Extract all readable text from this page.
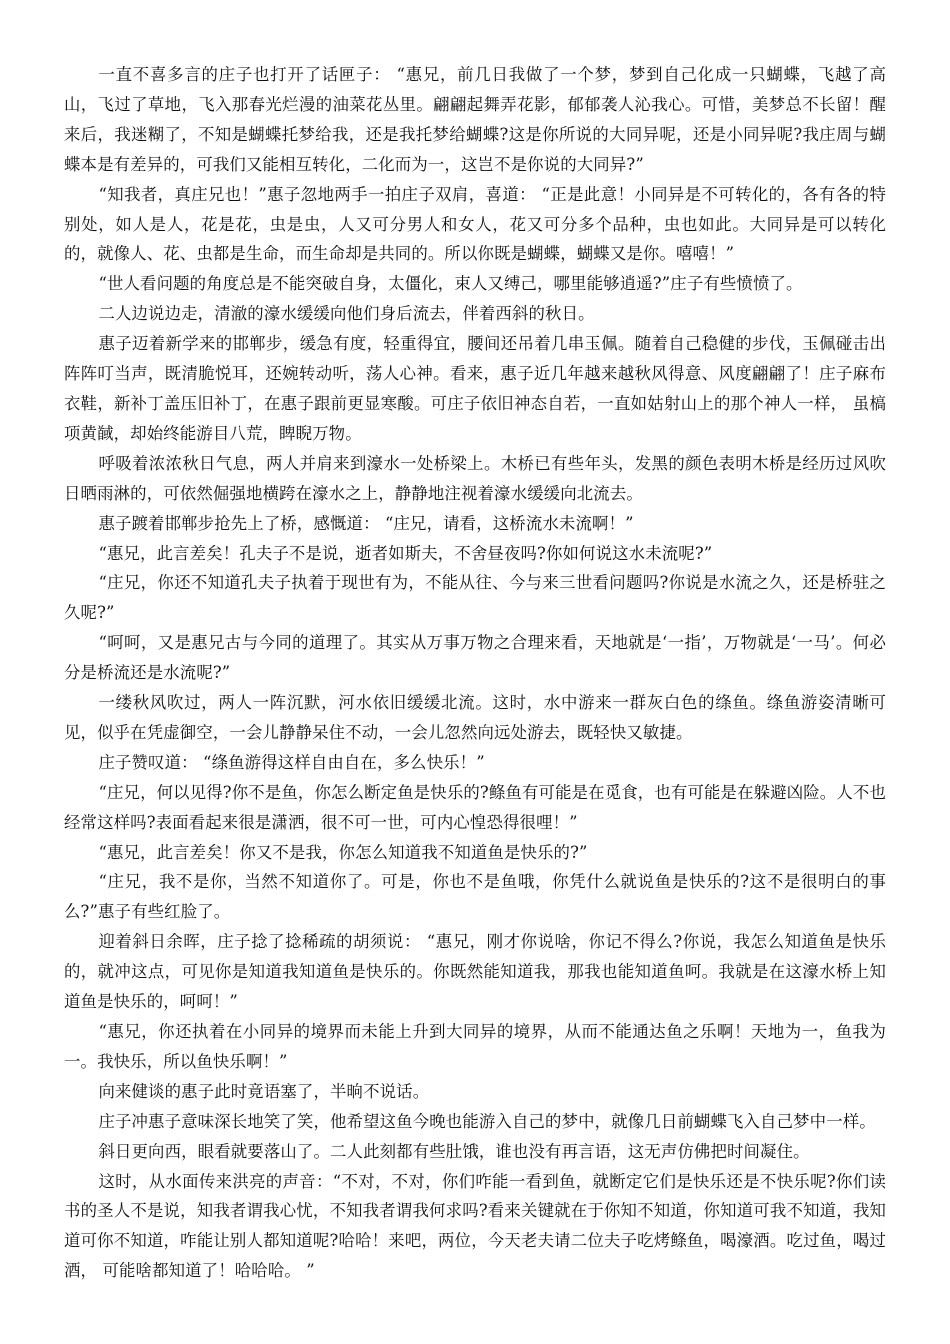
一直不喜多言的庄子也打开了话匣子： “惠兄，前几日我做了一个梦，梦到自己化成一只蝴蝶，飞越了高山，飞过了草地，飞入那春光烂漫的油菜花丛里。翩翩起舞弄花影，郁郁袭人沁我心。可惜，美梦总不长留！醒来后，我迷糊了，不知是蝴蝶托梦给我，还是我托梦给蝴蝶?这是你所说的大同异呢，还是小同异呢?我庄周与蝴蝶本是有差异的，可我们又能相互转化，二化而为一，这岂不是你说的大同异?”

“知我者，真庄兄也！”惠子忽地两手一拍庄子双肩，喜道： “正是此意！小同异是不可转化的，各有各的特别处，如人是人，花是花，虫是虫，人又可分男人和女人，花又可分多个品种，虫也如此。大同异是可以转化的，就像人、花、虫都是生命，而生命却是共同的。所以你既是蝴蝶，蝴蝶又是你。嘻嘻！”

“世人看问题的角度总是不能突破自身，太僵化，束人又缚己，哪里能够逍遥?”庄子有些愤愤了。

二人边说边走，清澈的濠水缓缓向他们身后流去，伴着西斜的秋日。

惠子迈着新学来的邯郸步，缓急有度，轻重得宜，腰间还吊着几串玉佩。随着自己稳健的步伐，玉佩碰击出阵阵叮当声，既清脆悦耳，还婉转动听，荡人心神。看来，惠子近几年越来越秋风得意、风度翩翩了！庄子麻布衣鞋，新补丁盖压旧补丁，在惠子跟前更显寒酸。可庄子依旧神态自若，一直如姑射山上的那个神人一样， 虽槁项黄馘，却始终能游目八荒，睥睨万物。

呼吸着浓浓秋日气息，两人并肩来到濠水一处桥梁上。木桥已有些年头，发黑的颜色表明木桥是经历过风吹日晒雨淋的，可依然倔强地横跨在濠水之上，静静地注视着濠水缓缓向北流去。

惠子踱着邯郸步抢先上了桥，感慨道： “庄兄，请看，这桥流水未流啊！”

“惠兄，此言差矣！孔夫子不是说，逝者如斯夫，不舍昼夜吗?你如何说这水未流呢?”

“庄兄，你还不知道孔夫子执着于现世有为，不能从往、今与来三世看问题吗?你说是水流之久，还是桥驻之久呢?”

“呵呵，又是惠兄古与今同的道理了。其实从万事万物之合理来看，天地就是‘一指’，万物就是‘一马’。何必分是桥流还是水流呢?”

一缕秋风吹过，两人一阵沉默，河水依旧缓缓北流。这时，水中游来一群灰白色的绦鱼。绦鱼游姿清晰可见，似乎在凭虚御空，一会儿静静呆住不动，一会儿忽然向远处游去，既轻快又敏捷。

庄子赞叹道： “绦鱼游得这样自由自在，多么快乐！”

“庄兄，何以见得?你不是鱼，你怎么断定鱼是快乐的?鲦鱼有可能是在觅食，也有可能是在躲避凶险。人不也经常这样吗?表面看起来很是潇洒，很不可一世，可内心惶恐得很哩！”

“惠兄，此言差矣！你又不是我，你怎么知道我不知道鱼是快乐的?”

“庄兄，我不是你，当然不知道你了。可是，你也不是鱼哦，你凭什么就说鱼是快乐的?这不是很明白的事么?”惠子有些红脸了。

迎着斜日余晖，庄子捻了捻稀疏的胡须说： “惠兄，刚才你说啥，你记不得么?你说，我怎么知道鱼是快乐的，就冲这点，可见你是知道我知道鱼是快乐的。你既然能知道我，那我也能知道鱼呵。我就是在这濠水桥上知道鱼是快乐的，呵呵！”

“惠兄，你还执着在小同异的境界而未能上升到大同异的境界，从而不能通达鱼之乐啊！天地为一，鱼我为一。我快乐，所以鱼快乐啊！”

向来健谈的惠子此时竟语塞了，半晌不说话。

庄子冲惠子意味深长地笑了笑，他希望这鱼今晚也能游入自己的梦中，就像几日前蝴蝶飞入自己梦中一样。

斜日更向西，眼看就要落山了。二人此刻都有些肚饿，谁也没有再言语，这无声仿佛把时间凝住。

这时，从水面传来洪亮的声音：“不对，不对，你们咋能一看到鱼，就断定它们是快乐还是不快乐呢?你们读书的圣人不是说，知我者谓我心忧，不知我者谓我何求吗?看来关键就在于你知不知道，你知道可我不知道，我知道可你不知道，咋能让别人都知道呢?哈哈！来吧，两位，今天老夫请二位夫子吃烤鲦鱼，喝濠酒。吃过鱼，喝过酒， 可能啥都知道了！哈哈哈。 ”
